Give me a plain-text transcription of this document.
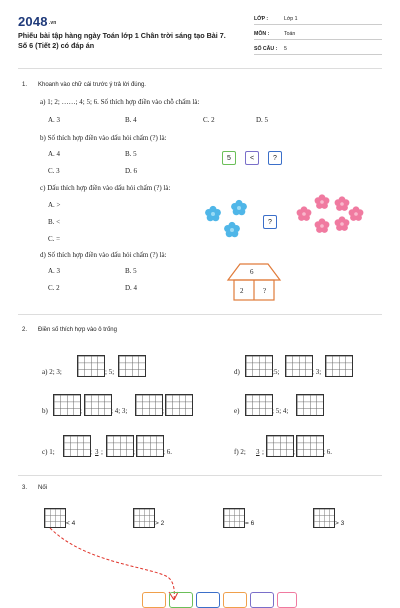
2048.vn
Phiếu bài tập hàng ngày Toán lớp 1 Chân trời sáng tạo Bài 7. Số 6 (Tiết 2) có đáp án
LỚP :	Lớp 1
MÔN :	Toán
SỐ CÂU : 5
1. Khoanh vào chữ cái trước ý trả lời đúng.
a) 1; 2; ……; 4; 5; 6. Số thích hợp điền vào chỗ chấm là:
A. 3	B. 4	C. 2	D. 5
b) Số thích hợp điền vào dấu hỏi chấm (?) là:
A. 4	B. 5
C. 3	D. 6
5	<	?
c) Dấu thích hợp điền vào dấu hỏi chấm (?) là:
A. >
B. <
C. =
?
d) Số thích hợp điền vào dấu hỏi chấm (?) là:
A. 3	B. 5
C. 2	D. 4
6
2	?
2. Điền số thích hợp vào ô trống
a) 2; 3;	; 5;	d)	;5;	; 3;
b)	;	; 4; 3;	;	e)	; 5; 4;
c) 1;	; 3 ;	;	; 6.	f) 2; 3 ;	;	; 6.
3. Nối
< 4	> 2	= 6	> 3
